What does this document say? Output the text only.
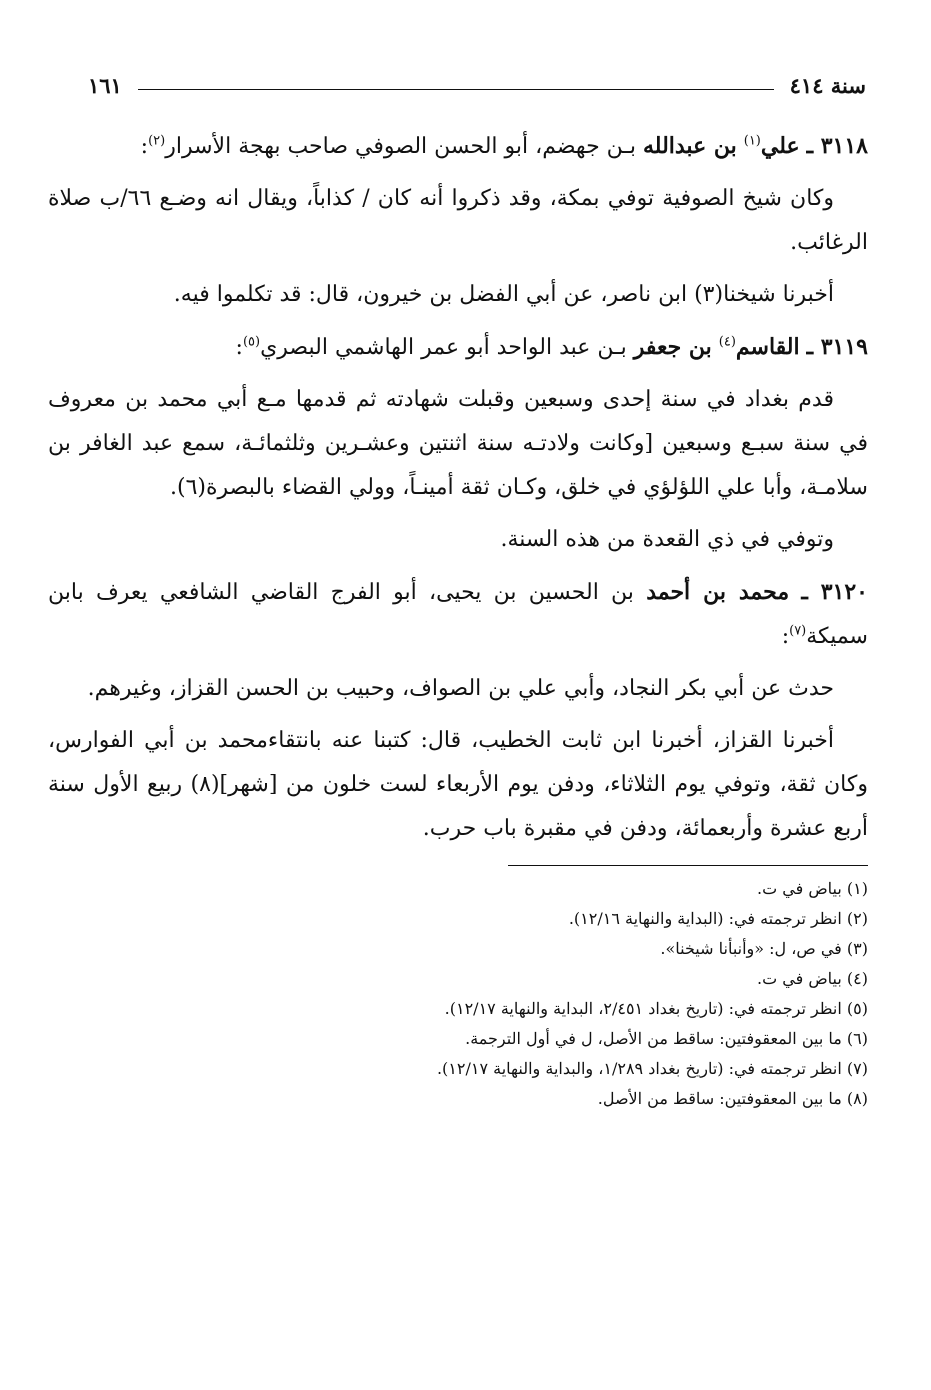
سنة ٤١٤
١٦١

٣١١٨ ـ علي$^{(١)}$ بن عبدالله بـن جهضم، أبو الحسن الصوفي صاحب بهجة الأسرار$^{(٢)}$:

وكان شيخ الصوفية توفي بمكة، وقد ذكروا أنه كان / كذاباً، ويقال انه وضـع ٦٦/ب صلاة الرغائب.

أخبرنا شيخنا(٣) ابن ناصر، عن أبي الفضل بن خيرون، قال: قد تكلموا فيه.

٣١١٩ ـ القاسم$^{(٤)}$ بن جعفر بـن عبد الواحد أبو عمر الهاشمي البصري$^{(٥)}$:

قدم بغداد في سنة إحدى وسبعين وقبلت شهادته ثم قدمها مـع أبي محمد بن معروف في سنة سبـع وسبعين [وكانت ولادتـه سنة اثنتين وعشـرين وثلثمائـة، سمع عبد الغافر بن سلامـة، وأبا علي اللؤلؤي في خلق، وكـان ثقة أمينـاً، وولي القضاء بالبصرة(٦).

وتوفي في ذي القعدة من هذه السنة.

٣١٢٠ ـ محمد بن أحمد بن الحسين بن يحيى، أبو الفرج القاضي الشافعي يعرف بابن سميكة$^{(٧)}$:

حدث عن أبي بكر النجاد، وأبي علي بن الصواف، وحبيب بن الحسن القزاز، وغيرهم.

أخبرنا القزاز، أخبرنا ابن ثابت الخطيب، قال: كتبنا عنه بانتقاءمحمد بن أبي الفوارس، وكان ثقة، وتوفي يوم الثلاثاء، ودفن يوم الأربعاء لست خلون من [شهر](٨) ربيع الأول سنة أربع عشرة وأربعمائة، ودفن في مقبرة باب حرب.

(١) بياض في ت.
(٢) انظر ترجمته في: (البداية والنهاية ١٢/١٦).
(٣) في ص، ل: «وأنبأنا شيخنا».
(٤) بياض في ت.
(٥) انظر ترجمته في: (تاريخ بغداد ٢/٤٥١، البداية والنهاية ١٢/١٧).
(٦) ما بين المعقوفتين: ساقط من الأصل، ل في أول الترجمة.
(٧) انظر ترجمته في: (تاريخ بغداد ١/٢٨٩، والبداية والنهاية ١٢/١٧).
(٨) ما بين المعقوفتين: ساقط من الأصل.
